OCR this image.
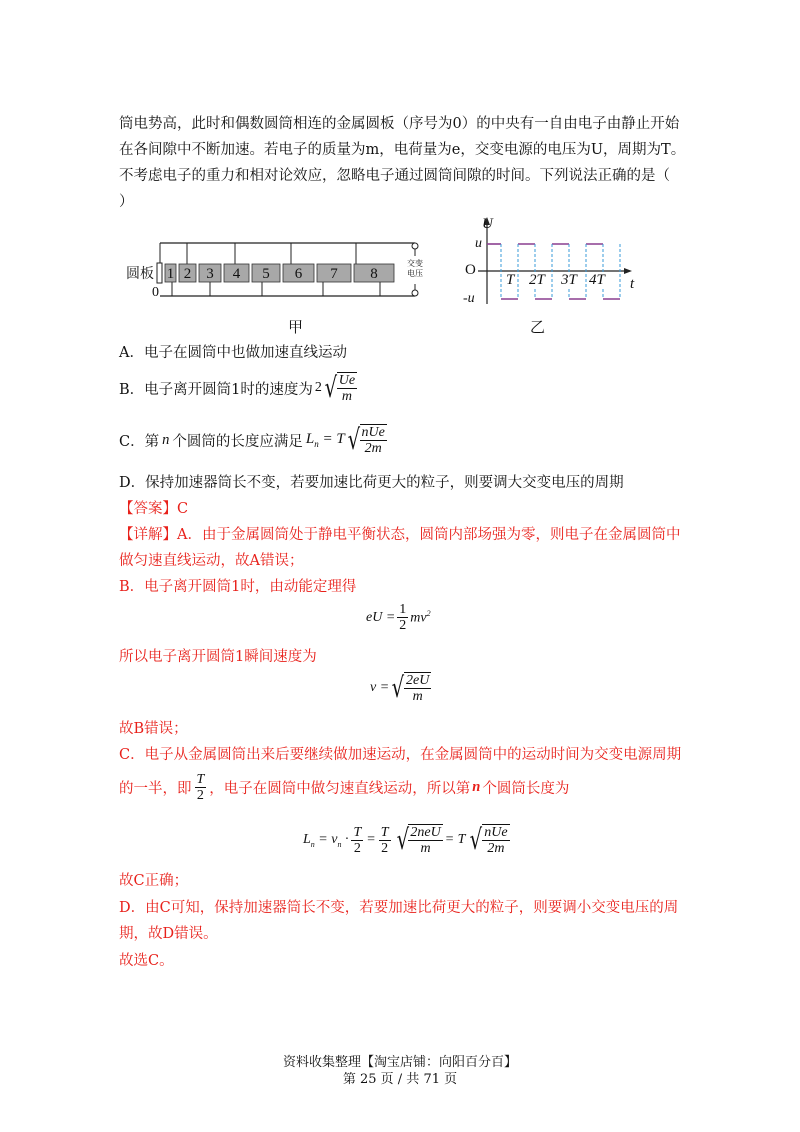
筒电势高，此时和偶数圆筒相连的金属圆板（序号为0）的中央有一自由电子由静止开始
在各间隙中不断加速。若电子的质量为m，电荷量为e，交变电源的电压为U，周期为T。
不考虑电子的重力和相对论效应，忽略电子通过圆筒间隙的时间。下列说法正确的是（
）
圆板
0
1 2	3	4	5	6	7	8
交变电压
甲
U
u
O
-u
t
T 2T 3T 4T
乙
A．电子在圆筒中也做加速直线运动
B．电子离开圆筒1时的速度为 2 √ $\frac{Ue}{m}$
C．第 n 个圆筒的长度应满足 $L_n = T$ √ $\frac{\text{nUe}}{2m}$
D．保持加速器筒长不变，若要加速比荷更大的粒子，则要调大交变电压的周期
【答案】C
【详解】A．由于金属圆筒处于静电平衡状态，圆筒内部场强为零，则电子在金属圆筒中
做匀速直线运动，故A错误；
B．电子离开圆筒1时，由动能定理得
eU = $\frac{1}{2} mv^2$
所以电子离开圆筒1瞬间速度为
v = √ $\frac{2eU}{m}$
故B错误；
C．电子从金属圆筒出来后要继续做加速运动，在金属圆筒中的运动时间为交变电源周期
的一半，即 $\frac{T}{2}$ ，电子在圆筒中做匀速直线运动，所以第 n 个圆筒长度为
$L_n = v_n \cdot \frac{T}{2} = \frac{T}{2}$ √ $\frac{\text{2neU}}{m} = T$ √ $\frac{\text{nUe}}{2m}$
故C正确；
D．由C可知，保持加速器筒长不变，若要加速比荷更大的粒子，则要调小交变电压的周
期，故D错误。
故选C。
资料收集整理【淘宝店铺：向阳百分百】
第 25 页 / 共 71 页
